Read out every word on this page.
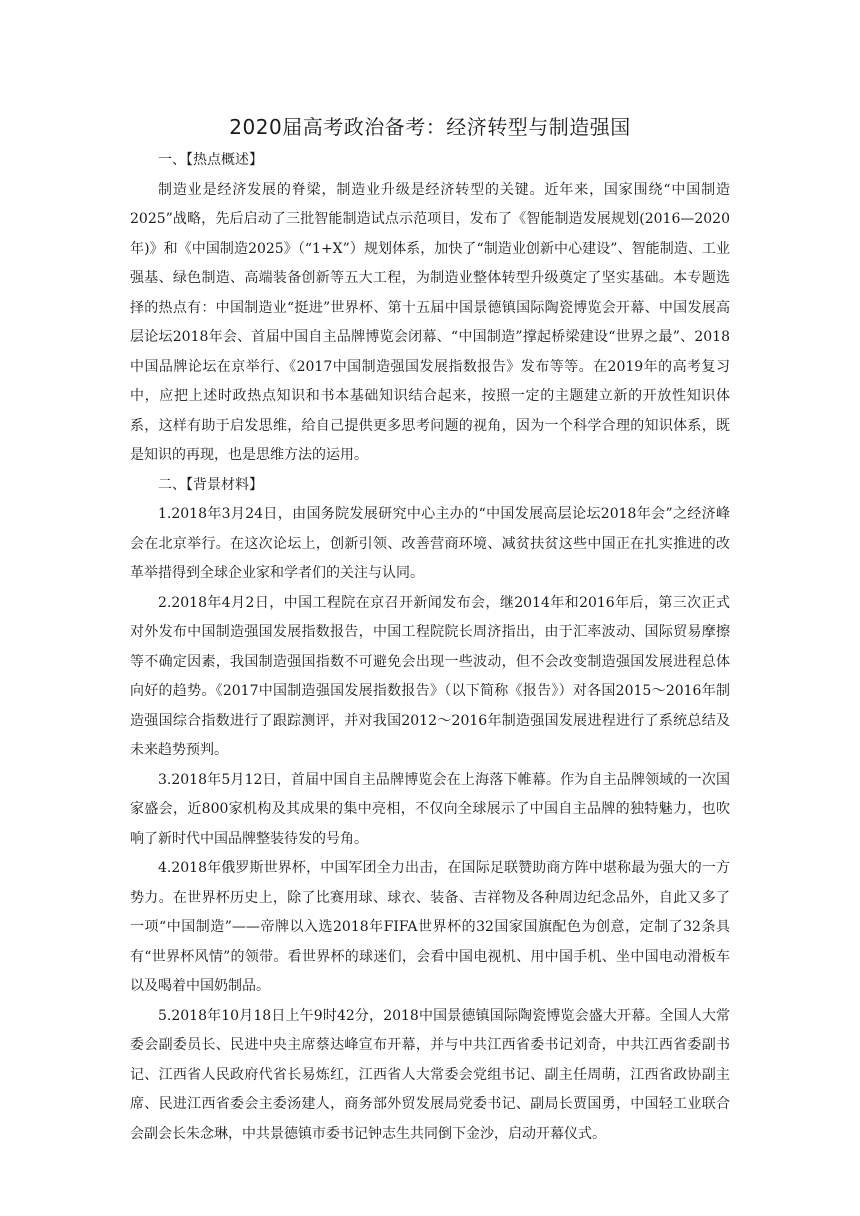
2020届高考政治备考：经济转型与制造强国

一、【热点概述】

制造业是经济发展的脊梁，制造业升级是经济转型的关键。近年来，国家围绕“中国制造2025”战略，先后启动了三批智能制造试点示范项目，发布了《智能制造发展规划(2016—2020年)》和《中国制造2025》（“1+X”）规划体系，加快了“制造业创新中心建设”、智能制造、工业强基、绿色制造、高端装备创新等五大工程，为制造业整体转型升级奠定了坚实基础。本专题选择的热点有：中国制造业“挺进”世界杯、第十五届中国景德镇国际陶瓷博览会开幕、中国发展高层论坛2018年会、首届中国自主品牌博览会闭幕、“中国制造”撑起桥梁建设“世界之最”、2018中国品牌论坛在京举行、《2017中国制造强国发展指数报告》发布等等。在2019年的高考复习中，应把上述时政热点知识和书本基础知识结合起来，按照一定的主题建立新的开放性知识体系，这样有助于启发思维，给自己提供更多思考问题的视角，因为一个科学合理的知识体系，既是知识的再现，也是思维方法的运用。

二、【背景材料】

1.2018年3月24日，由国务院发展研究中心主办的“中国发展高层论坛2018年会”之经济峰会在北京举行。在这次论坛上，创新引领、改善营商环境、减贫扶贫这些中国正在扎实推进的改革举措得到全球企业家和学者们的关注与认同。

2.2018年4月2日，中国工程院在京召开新闻发布会，继2014年和2016年后，第三次正式对外发布中国制造强国发展指数报告，中国工程院院长周济指出，由于汇率波动、国际贸易摩擦等不确定因素，我国制造强国指数不可避免会出现一些波动，但不会改变制造强国发展进程总体向好的趋势。《2017中国制造强国发展指数报告》（以下简称《报告》）对各国2015～2016年制造强国综合指数进行了跟踪测评，并对我国2012～2016年制造强国发展进程进行了系统总结及未来趋势预判。

3.2018年5月12日，首届中国自主品牌博览会在上海落下帷幕。作为自主品牌领域的一次国家盛会，近800家机构及其成果的集中亮相，不仅向全球展示了中国自主品牌的独特魅力，也吹响了新时代中国品牌整装待发的号角。

4.2018年俄罗斯世界杯，中国军团全力出击，在国际足联赞助商方阵中堪称最为强大的一方势力。在世界杯历史上，除了比赛用球、球衣、装备、吉祥物及各种周边纪念品外，自此又多了一项“中国制造”——帝牌以入选2018年FIFA世界杯的32国家国旗配色为创意，定制了32条具有“世界杯风情”的领带。看世界杯的球迷们，会看中国电视机、用中国手机、坐中国电动滑板车以及喝着中国奶制品。

5.2018年10月18日上午9时42分，2018中国景德镇国际陶瓷博览会盛大开幕。全国人大常委会副委员长、民进中央主席蔡达峰宣布开幕，并与中共江西省委书记刘奇，中共江西省委副书记、江西省人民政府代省长易炼红，江西省人大常委会党组书记、副主任周萌，江西省政协副主席、民进江西省委会主委汤建人，商务部外贸发展局党委书记、副局长贾国勇，中国轻工业联合会副会长朱念琳，中共景德镇市委书记钟志生共同倒下金沙，启动开幕仪式。
